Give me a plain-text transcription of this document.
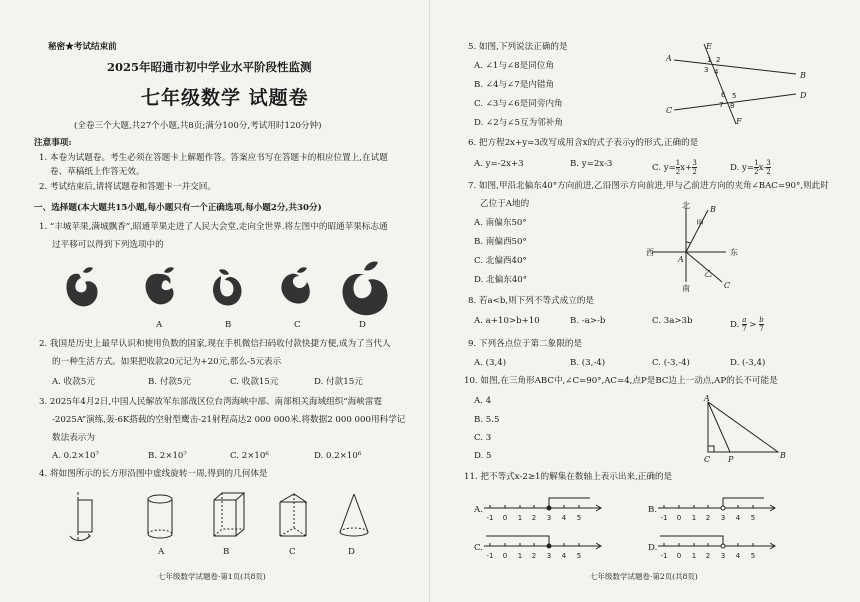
秘密★考试结束前
2025年昭通市初中学业水平阶段性监测
七年级数学 试题卷
(全卷三个大题,共27个小题,共8页;满分100分,考试用时120分钟)
注意事项:
1. 本卷为试题卷。考生必须在答题卡上解题作答。答案应书写在答题卡的相应位置上,在试题
卷、草稿纸上作答无效。
2. 考试结束后,请将试题卷和答题卡一并交回。
一、选择题(本大题共15小题,每小题只有一个正确选项,每小题2分,共30分)
1. “丰城苹果,满城飘香”,昭通苹果走进了人民大会堂,走向全世界.将左图中的昭通苹果标志通
过平移可以得到下列选项中的
A	B	C	D
2. 我国是历史上最早认识和使用负数的国家,现在手机微信扫码收付款快捷方便,成为了当代人
的一种生活方式。如果把收款20元记为+20元,那么-5元表示
A. 收款5元	B. 付款5元	C. 收款15元	D. 付款15元
3. 2025年4月2日,中国人民解放军东部战区位台湾海峡中部、南部相关海域组织“海峡雷霆
-2025A”演练,轰-6K搭载的空射型鹰击-21射程高达2 000 000米.将数据2 000 000用科学记
数法表示为
A. 0.2×10⁷	B. 2×10⁷	C. 2×10⁶	D. 0.2×10⁶
4. 将如图所示的长方形沿图中虚线旋转一周,得到的几何体是
A	B	C	D
七年级数学试题卷·第1页(共8页)
5. 如图,下列说法正确的是
A. ∠1与∠8是同位角
B. ∠4与∠7是内错角
C. ∠3与∠6是同旁内角
D. ∠2与∠5互为邻补角
E
A
B
C
D
F
1 2
3 4
5
6
7 8
6. 把方程2x+y=3改写成用含x的式子表示y的形式,正确的是
A. y=-2x+3	B. y=2x-3	C. $y= \frac{1}{2} x+ \frac{3}{2}$	D. $y= \frac{1}{2} x- \frac{3}{2}$
7. 如图,甲沿北偏东40°方向前进,乙沿图示方向前进,甲与乙前进方向的夹角∠BAC=90°,则此时
乙位于A地的
A. 南偏东50°
B. 南偏西50°
C. 北偏西40°
D. 北偏东40°
北
西	东
南
甲
乙
A
B
C
8. 若a<b,则下列不等式成立的是
A. a+10>b+10	B. -a>-b	C. 3a>3b	D. $\frac{a}{7} > \frac{b}{7}$
9. 下列各点位于第二象限的是
A. (3,4)	B. (3,-4)	C. (-3,-4)	D. (-3,4)
10. 如图,在三角形ABC中,∠C=90°,AC=4,点P是BC边上一动点,AP的长不可能是
A. 4
B. 5.5
C. 3
D. 5
A
C P	B
11. 把不等式x-2≥1的解集在数轴上表示出来,正确的是
A.	B.
C.	D.
-1 0 1 2 3 4 5	-1 0 1 2 3 4 5
-1 0 1 2 3 4 5	-1 0 1 2 3 4 5
七年级数学试题卷·第2页(共8页)
